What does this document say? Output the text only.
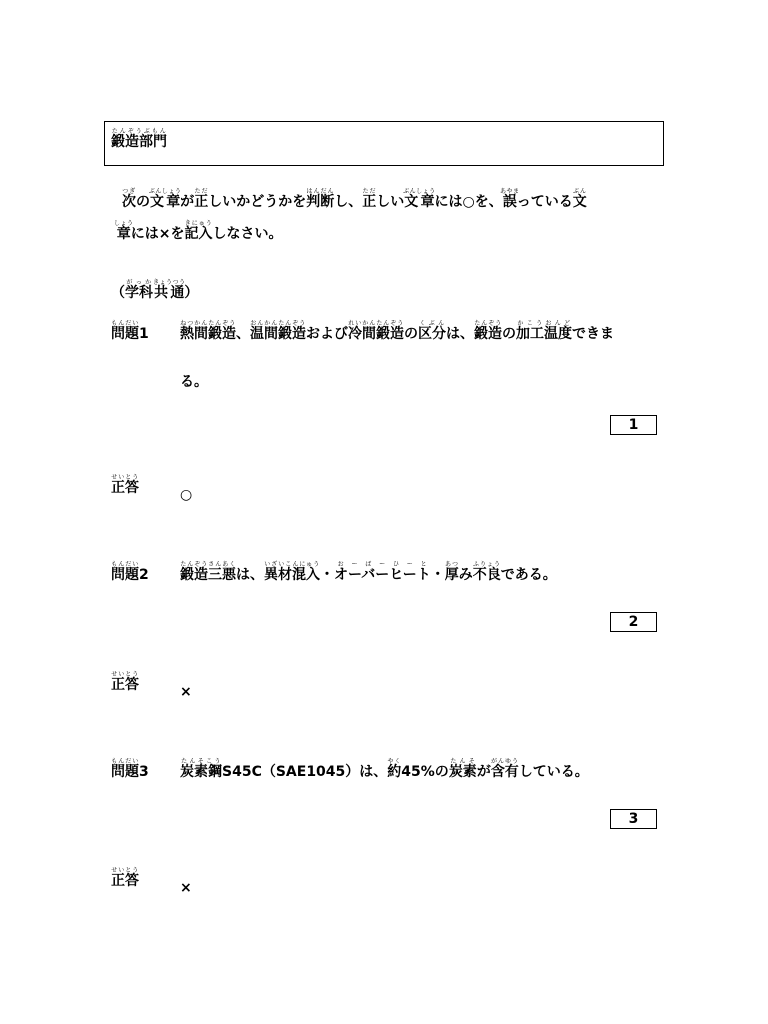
鍛造部門たんぞうぶもん
次つぎの文章ぶんしょうが正ただしいかどうかを判断はんだんし、正ただしい文章ぶんしょうには○を、誤あやまっている文ぶん
章しょうには×を記入きにゅうしなさい。
（学科がっか共通きょうつう）
問題もんだい1 熱間鍛造ねつかんたんぞう、温間鍛造おんかんたんぞうおよび冷間鍛造れいかんたんぞうの区分くぶんは、鍛造たんぞうの加工温度かこうおんどできま
る。
1
正答せいとう
○
問題もんだい2 鍛造三悪たんぞうさんあくは、異材混入いざいこんにゅう・オーバーヒートおーばーひーと・厚あつみ不良ふりょうである。
2
正答せいとう
×
問題もんだい3 炭素鋼たんそこうS45C（SAE1045）は、約やく45%の炭素たんそが含有がんゆうしている。
3
正答せいとう
×
